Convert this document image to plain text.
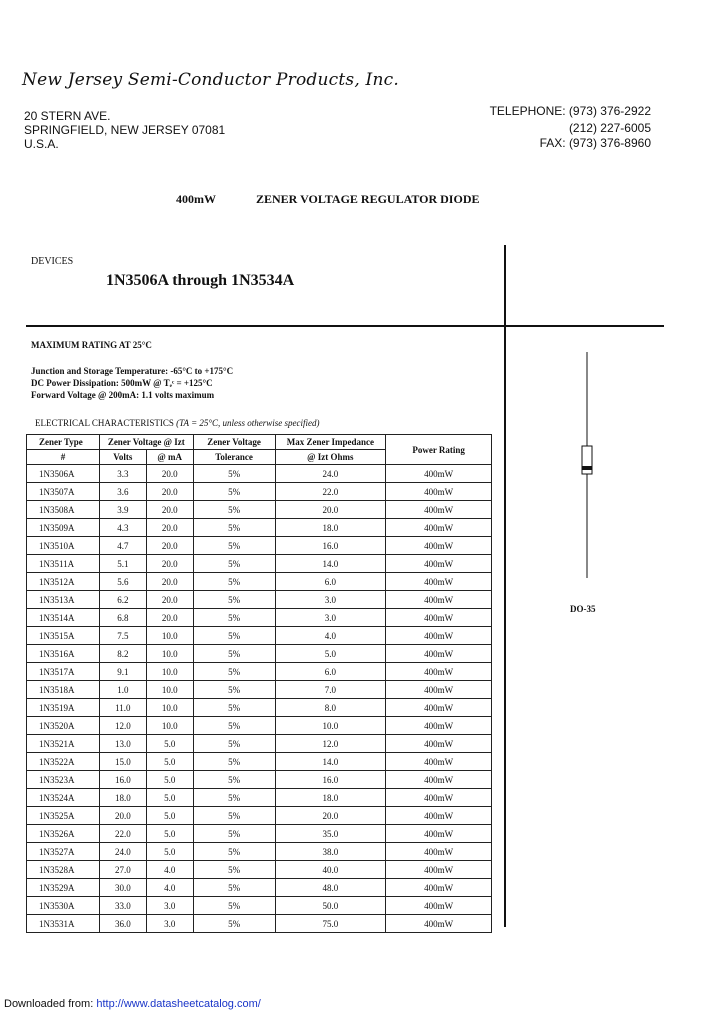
New Jersey Semi-Conductor Products, Inc.
20 STERN AVE.
SPRINGFIELD, NEW JERSEY 07081
U.S.A.
TELEPHONE: (973) 376-2922
(212) 227-6005
FAX: (973) 376-8960
400mW	ZENER VOLTAGE REGULATOR DIODE
DEVICES
1N3506A through 1N3534A
MAXIMUM RATING AT 25°C
Junction and Storage Temperature: -65°C to +175°C
DC Power Dissipation: 500mW @ Tₑᶜ = +125°C
Forward Voltage @ 200mA: 1.1 volts maximum
ELECTRICAL CHARACTERISTICS (TA = 25°C, unless otherwise specified)
Zener Type	Zener Voltage @ Izt		Zener Voltage	Max Zener Impedance	Power Rating
#	Volts	@ mA	Tolerance	@ Izt Ohms	
1N3506A	3.3	20.0	5%	24.0	400mW
1N3507A	3.6	20.0	5%	22.0	400mW
1N3508A	3.9	20.0	5%	20.0	400mW
1N3509A	4.3	20.0	5%	18.0	400mW
1N3510A	4.7	20.0	5%	16.0	400mW
1N3511A	5.1	20.0	5%	14.0	400mW
1N3512A	5.6	20.0	5%	6.0	400mW
1N3513A	6.2	20.0	5%	3.0	400mW
1N3514A	6.8	20.0	5%	3.0	400mW
1N3515A	7.5	10.0	5%	4.0	400mW
1N3516A	8.2	10.0	5%	5.0	400mW
1N3517A	9.1	10.0	5%	6.0	400mW
1N3518A	1.0	10.0	5%	7.0	400mW
1N3519A	11.0	10.0	5%	8.0	400mW
1N3520A	12.0	10.0	5%	10.0	400mW
1N3521A	13.0	5.0	5%	12.0	400mW
1N3522A	15.0	5.0	5%	14.0	400mW
1N3523A	16.0	5.0	5%	16.0	400mW
1N3524A	18.0	5.0	5%	18.0	400mW
1N3525A	20.0	5.0	5%	20.0	400mW
1N3526A	22.0	5.0	5%	35.0	400mW
1N3527A	24.0	5.0	5%	38.0	400mW
1N3528A	27.0	4.0	5%	40.0	400mW
1N3529A	30.0	4.0	5%	48.0	400mW
1N3530A	33.0	3.0	5%	50.0	400mW
1N3531A	36.0	3.0	5%	75.0	400mW
DO-35
Downloaded from: http://www.datasheetcatalog.com/
